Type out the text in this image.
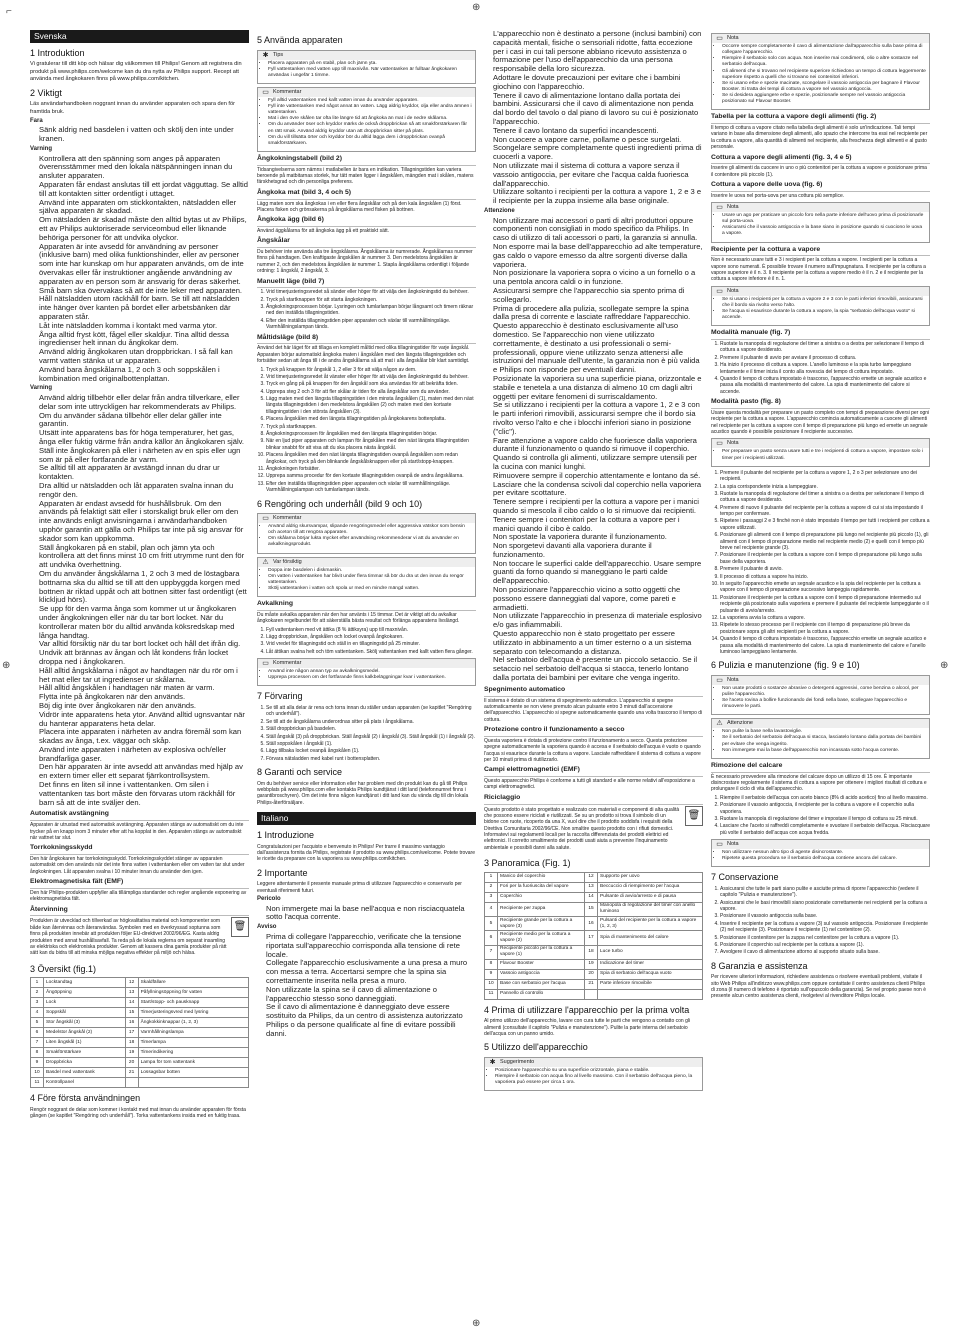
⌐	⊕
⊕
⊕	⊕
Svenska
1 Introduktion

Vi gratulerar till ditt köp och hälsar dig välkommen till Philips! Genom att registrera din produkt på www.philips.com/welcome kan du dra nytta av Philips support. Recept att använda med ångkokaren finns på www.philips.com/kitchen.

2 Viktigt

Läs användarhandboken noggrant innan du använder apparaten och spara den för framtida bruk.

Fara
• Sänk aldrig ned basdelen i vatten och skölj den inte under kranen.
Varning
• Kontrollera att den spänning som anges på apparaten överensstämmer med den lokala nätspänningen innan du ansluter apparaten.
• Apparaten får endast anslutas till ett jordat vägguttag. Se alltid till att kontakten sitter ordentligt i uttaget.
• Använd inte apparaten om stickkontakten, nätsladden eller själva apparaten är skadad.
• Om nätsladden är skadad måste den alltid bytas ut av Philips, ett av Philips auktoriserade serviceombud eller liknande behöriga personer för att undvika olyckor.
• Apparaten är inte avsedd för användning av personer (inklusive barn) med olika funktionshinder, eller av personer som inte har kunskap om hur apparaten används, om de inte övervakas eller får instruktioner angående användning av apparaten av en person som är ansvarig för deras säkerhet.
• Små barn ska övervakas så att de inte leker med apparaten.
• Håll nätsladden utom räckhåll för barn. Se till att nätsladden inte hänger över kanten på bordet eller arbetsbänken där apparaten står.
• Låt inte nätsladden komma i kontakt med varma ytor.
• Ånga alltid fryst kött, fågel eller skaldjur. Tina alltid dessa ingredienser helt innan du ångkokar dem.
• Använd aldrig ångkokaren utan droppbrickan. I så fall kan varmt vatten stänka ut ur apparaten.
• Använd bara ångskålarna 1, 2 och 3 och soppskålen i kombination med originalbottenplattan.
Varning
• Använd aldrig tillbehör eller delar från andra tillverkare, eller delar som inte uttryckligen har rekommenderats av Philips. Om du använder sådana tillbehör eller delar gäller inte garantin.
• Utsätt inte apparatens bas för höga temperaturer, het gas, ånga eller fuktig värme från andra källor än ångkokaren själv.
• Ställ inte ångkokaren på eller i närheten av en spis eller ugn som är på eller fortfarande är varm.
• Se alltid till att apparaten är avstängd innan du drar ur kontakten.
• Dra alltid ur nätsladden och låt apparaten svalna innan du rengör den.
• Apparaten är endast avsedd för hushållsbruk. Om den används på felaktigt sätt eller i storskaligt bruk eller om den inte används enligt anvisningarna i användarhandboken upphör garantin att gälla och Philips tar inte på sig ansvar för skador som kan uppkomma.
• Ställ ångkokaren på en stabil, plan och jämn yta och kontrollera att det finns minst 10 cm fritt utrymme runt den för att undvika överhettning.
• Om du använder ångskålarna 1, 2 och 3 med de löstagbara bottnarna ska du alltid se till att den uppbyggda korgen med bottnen är riktad uppåt och att bottnen sitter fast ordentligt (ett klickljud hörs).
• Se upp för den varma ånga som kommer ut ur ångkokaren under ångkokningen eller när du tar bort locket. När du kontrollerar maten bör du alltid använda köksredskap med långa handtag.
• Var alltid försiktig när du tar bort locket och håll det ifrån dig. Undvik att brännas av ångan och låt kondens från locket droppa ned i ångkokaren.
• Håll alltid ångskålarna i något av handtagen när du rör om i het mat eller tar ut ingredienser ur skålarna.
• Håll alltid ångskålen i handtagen när maten är varm.
• Flytta inte på ångkokaren när den används.
• Böj dig inte över ångkokaren när den används.
• Vidrör inte apparatens heta ytor. Använd alltid ugnsvantar när du hanterar apparatens heta delar.
• Placera inte apparaten i närheten av andra föremål som kan skadas av ånga, t.ex. väggar och skåp.
• Använd inte apparaten i närheten av explosiva och/eller brandfarliga gaser.
• Den här apparaten är inte avsedd att användas med hjälp av en extern timer eller ett separat fjärrkontrollsystem.
• Det finns en liten sil inne i vattentanken. Om silen i vattentanken tas bort måste den förvaras utom räckhåll för barn så att de inte sväljer den.
Automatisk avstängning

Apparaten är utrustad med automatisk avstängning. Apparaten stängs av automatiskt om du inte trycker på en knapp inom 3 minuter efter att ha kopplat in den. Apparaten stängs av automatiskt när vattnet tar slut.

Torrkokningsskydd

Den här ångkokaren har torrkokningsskydd. Torrkokningsskyddet stänger av apparaten automatiskt om den används när det inte finns vatten i vattentanken eller om vatten tar slut under ångkokningen. Låt apparaten svalna i 10 minuter innan du använder den igen.

Elektromagnetiska fält (EMF)

Den här Philips-produkten uppfyller alla tillämpliga standarder och regler angående exponering av elektromagnetiska fält.

Återvinning

Produkten är utvecklad och tillverkad av högkvalitativa material och komponenter som både kan återvinnas och återanvändas. Symbolen med en överkryssad soptunna som finns på produkten innebär att produkten följer EU-direktivet 2002/96/EG. Kasta aldrig produkten med annat hushållsavfall. Ta reda på de lokala reglerna om separat insamling av elektriska och elektroniska produkter. Genom att kassera dina gamla produkter på rätt sätt kan du bidra till att minska möjliga negativa effekter på miljö och hälsa.

🗑
3 Översikt (fig.1)
1	Locktandtag	12	Skaldfällare
2	Ångöppning	13	Påfyllningsöppning för vatten
3	Lock	14	Start/stopp- och pausknapp
4	Soppskål	15	Timerjusteringsvred med lysring
5	Stor ångskål (3)	16	Ångkokkinknappar (1, 2, 3)
6	Medelstor ångskål (2)	17	Varmhållningslampa
7	Liten ångskål (1)	18	Timerlampa
8	Smakförstärkare	19	Timerindikering
9	Droppbricka	20	Lampa för tom vattentank
10	Basdel med vattentank	21	Lossagsbar botten
11	Kontrollpanel		
4 Före första användningen

Rengör noggrant de delar som kommer i kontakt med mat innan du använder apparaten för första gången (se kapitlet "Rengöring och underhåll"). Torka vattentankens insida med en fuktig trasa.

5 Använda apparaten
✱ Tips
• Placera apparaten på en stabil, plan och jämn yta.
• Fyll vattentanken med vatten upp till maxnivån. När vattentanken är fulltaar ångkokaren användas i ungefär 1 timme.
▭ Kommentar
• Fyll alltid vattentanken med kallt vatten innan du använder apparaten.
• Fyll inte vattentanken med något annat än vatten. Lägg aldrig kryddor, olja eller andra ämnen i vattentanken.
• Mat i den övre skålen tar ofta lite längre tid att ångkoka än mat i de nedre skålarna.
• Om du använder öser och kryddor märks de också droppbrickan så att smakförstärkaren får en rätt smak. Använd aldrig kryddor utan att droppbrickan sitter på plats.
• Om du vill tillsätta örter och kryddor bör du alltid lägga dem i droppbrickan ovanpå smakförstärkaren.
Ångkokningstabell (bild 2)

Tidsangivelserna som nämns i matlabellen är bara en indikation. Tillagningstiden kan variera beroende på matbitarnas storlek, hur tätt maten ligger i ångskålen, mängden mat i skålen, matens färskhetsgrad och din personliga preferens.

Ångkoka mat (bild 3, 4 och 5)

Lägg maten som ska ångkokas i en eller flera ångskålar och på den kala ångskålen (1) först. Placera fisken och grönsakerna på ångskålarna med fisken på bottnen.

Ångkoka ägg (bild 6)

Använd äggkålarna för att ångkoka ägg på ett praktiskt sätt.

Ångskålar

Du behöver inte använda alla tre ångskålarna. Ångskålarna är numrerade. Ångskålarnas nummer finns på handtagen. Den kraftigaste ångskålen är nummer 3. Den medelstora ångskålen är nummer 2, och den medelstora ångskålen är nummer 1. Stapla ångskålarna ordentligt i följande ordning: 1 ångskål, 2 ångskål, 3.

Manuellt läge (bild 7)
1. Vrid timerjusteringsvredet så sänder eller höger för att välja den ångkokningstid du behöver.
2. Tryck på startknappen för att starta ångkokningen.
3. Ångkokningsprocessen börjar. Lysringen och tumlarlampan börjar långsamt och timern räknar ned den inställda tillagningstiden.
4. Efter den inställda tillagningstiden piper apparaten och växlar till varmhållningsläge. Varmhållningslampan tänds.
Måltidsläge (bild 8)

Använd det här läget för att tillaga en komplett måltid med olika tillagningstider för varje ångskål. Apparaten börjar automatiskt ångkoka maten i ångskålen med den längsta tillagningstiden och fortsätter sedan att ånga till i de andra ångskålarna så att mat i alla ångskålar blir klart samtidigt.

1. Tryck på knappen för ångskål 1, 2 eller 3 för att välja någon av dem.
2. Vrid timerjusteringsvredet åt vänster eller höger för att välja den ångkokningstid du behöver.
3. Tryck en gång på på knappen för den ångskål som ska användas för att bekräfta tiden.
4. Upprepa steg 2 och 3 för att fler skålar är tiden för alla ångskålar som du använder.
5. Lägg maten med den längsta tillagningstiden i den minsta ångskålen (1), maten med den näst längsta tillagningstiden i den medelstora ångskålen (2) och maten med den kortaste tillagningstiden i den största ångskålen (3).
6. Placera ångskålen med den längsta tillagningstiden på ångkokarens bottenplatta.
7. Tryck på startknappen.
8. Ångkokningsprocessen för ångskålen med den längsta tillagningstiden börjar.
9. När en ljud piper apparaten och lampan för ångskålen med den näst längsta tillagningstiden blinkar snabbt för att visa att du ska placera nästa ångskål.
10. Placera ångskålen med den näst längsta tillagningstiden ovanpå ångskålen som redan ångkokar, och tryck på den blinkande ångskålsknappen eller på start/stopp-knappen.
11. Ångkokningen fortsätter.
12. Upprepa samma procedur för den kortaste tillagningstiden ovanpå de andra ångskålarna.
13. Efter den inställda tillagningstiden piper apparaten och växlar till varmhållningsläge. Varmhållningslampan och tumlarlampan tänds.
6 Rengöring och underhåll (bild 9 och 10)
▭ Kommentar
• Använd aldrig skursvampar, slipande rengöringsmedel eller aggressiva vätskor som bensin och aceton till att rengöra apparaten.
• Om skålarna börjar lukta mycket efter användning rekommenderar vi att du använder en avkalkningsprodukt.
⚠ Var försiktig
• Doppa inte basdelen i diskmaskin.
• Om vatten i vattentanken har blivit under flera timmar så bör du dra ut den innan du rengör vattentanken.
• Skölj vattentanken i vatten och spola ur med en mindre mängd vatten.
Avkalkning

Du måste avkalka apparaten när den har använts i 15 timmar. Det är viktigt att du avkalkar ångkokaren regelbundet för att säkerställa bästa resultat och förlänga apparatens livslängd.

1. Fyll vattentanken med vit ättika (8 % ättiksyra) upp till maxnivån.
2. Lägg droppbrickan, ångskålen och locket ovanpå ångkokaren.
3. Vrid vredet för tillagningstid och ställ in en tillagningstid på 25 minuter.
4. Låt ättikan svalna helt och töm vattentanken. Skölj vattentanken med kallt vatten flera gånger.
▭ Kommentar
• Använd inte någon annan typ av avkalkningsmedel.
• Upprepa processen om det fortfarande finns kalkbeläggningar kvar i vattentanken.
7 Förvaring
1. Se till att alla delar är rena och torra innan du ställer undan apparaten (se kapitlet "Rengöring och underhåll").
2. Se till att de ångskålarna underordnas sitter på plats i ångskålarna.
3. Ställ droppbrickan på basdelen.
4. Ställ ångskål (3) på droppbrickan. Ställ ångskål (2) i ångskål (3). Ställ ångskål (1) i ångskål (2).
5. Ställ soppskålen i ångskål (1).
6. Lägg tillbaka locket ovanpå ångskålen (1).
7. Förvara nätsladden med kabel runt i bottensplatten.
8 Garanti och service

Om du behöver service eller information eller har problem med din produkt kan du gå till Philips webbplats på www.philips.com eller kontakta Philips kundtjänst i ditt land (telefonnumret finns i garantibroschyren). Om det inte finns någon kundtjänst i ditt land kan du vända dig till din lokala Philips-återförsäljare.

Italiano
1 Introduzione

Congratulazioni per l'acquisto e benvenuto in Philips! Per trarre il massimo vantaggio dall'assistenza fornita da Philips, registrate il prodotto su www.philips.com/welcome. Potete trovare le ricette da preparare con la vaporiera su www.philips.com/kitchen.

2 Importante

Leggere attentamente il presente manuale prima di utilizzare l'apparecchio e conservarlo per eventuali riferimenti futuri.

Pericolo
• Non immergete mai la base nell'acqua e non risciacquatela sotto l'acqua corrente.
Avviso
• Prima di collegare l'apparecchio, verificate che la tensione riportata sull'apparecchio corrisponda alla tensione di rete locale.
• Collegate l'apparecchio esclusivamente a una presa a muro con messa a terra. Accertarsi sempre che la spina sia correttamente inserita nella presa a muro.
• Non utilizzate la spina se il cavo di alimentazione o l'apparecchio stesso sono danneggiati.
• Se il cavo di alimentazione è danneggiato deve essere sostituito da Philips, da un centro di assistenza autorizzato Philips o da persone qualificate al fine di evitare possibili danni.
• L'apparecchio non è destinato a persone (inclusi bambini) con capacità mentali, fisiche o sensoriali ridotte, fatta eccezione per i casi in cui tali persone abbiano ricevuto assistenza o formazione per l'uso dell'apparecchio da una persona responsabile della loro sicurezza.
• Adottare le dovute precauzioni per evitare che i bambini giochino con l'apparecchio.
• Tenere il cavo di alimentazione lontano dalla portata dei bambini. Assicurarsi che il cavo di alimentazione non penda dal bordo del tavolo o dal piano di lavoro su cui è posizionato l'apparecchio.
• Tenere il cavo lontano da superfici incandescenti.
• Non cuocere a vapore carne, pollame o pesce surgelati. Scongelare sempre completamente questi ingredienti prima di cuocerli a vapore.
• Non utilizzate mai il sistema di cottura a vapore senza il vassoio antigoccia, per evitare che l'acqua calda fuoriesca dall'apparecchio.
• Utilizzare soltanto i recipienti per la cottura a vapore 1, 2 e 3 e il recipiente per la zuppa insieme alla base originale.
Attenzione
• Non utilizzare mai accessori o parti di altri produttori oppure componenti non consigliati in modo specifico da Philips. In caso di utilizzo di tali accessori o parti, la garanzia si annulla.
• Non esporre mai la base dell'apparecchio ad alte temperature, gas caldo o vapore emesso da altre sorgenti diverse dalla vaporiera.
• Non posizionare la vaporiera sopra o vicino a un fornello o a una pentola ancora caldi o in funzione.
• Assicurarsi sempre che l'apparecchio sia spento prima di scollegarlo.
• Prima di procedere alla pulizia, scollegate sempre la spina dalla presa di corrente e lasciate raffreddare l'apparecchio.
• Questo apparecchio è destinato esclusivamente all'uso domestico. Se l'apparecchio non viene utilizzato correttamente, è destinato a usi professionali o semi-professionali, oppure viene utilizzato senza attenersi alle istruzioni del manuale dell'utente, la garanzia non è più valida e Philips non risponde per eventuali danni.
• Posizionate la vaporiera su una superficie piana, orizzontale e stabile e tenetela a una distanza di almeno 10 cm dagli altri oggetti per evitare fenomeni di surriscaldamento.
• Se si utilizzano i recipienti per la cottura a vapore 1, 2 e 3 con le parti inferiori rimovibili, assicurarsi sempre che il bordo sia rivolto verso l'alto e che i blocchi inferiori siano in posizione ("clic").
• Fare attenzione a vapore caldo che fuoriesce dalla vaporiera durante il funzionamento o quando si rimuove il coperchio. Quando si controlla gli alimenti, utilizzare sempre utensili per la cucina con manici lunghi.
• Rimuovere sempre il coperchio attentamente e lontano da sé. Lasciare che la condensa scivoli dal coperchio nella vaporiera per evitare scottature.
• Tenere sempre i recipienti per la cottura a vapore per i manici quando si mescola il cibo caldo o lo si rimuove dai recipienti.
• Tenere sempre i contenitori per la cottura a vapore per i manici quando il cibo è caldo.
• Non spostate la vaporiera durante il funzionamento.
• Non sporgetevi davanti alla vaporiera durante il funzionamento.
• Non toccare le superfici calde dell'apparecchio. Usare sempre guanti da forno quando si maneggiano le parti calde dell'apparecchio.
• Non posizionare l'apparecchio vicino a sotto oggetti che possono essere danneggiati dal vapore, come pareti e armadietti.
• Non utilizzate l'apparecchio in presenza di materiale esplosivo e/o gas infiammabili.
• Questo apparecchio non è stato progettato per essere utilizzato in abbinamento a un timer esterno o a un sistema separato con telecomando a distanza.
• Nel serbatoio dell'acqua è presente un piccolo setaccio. Se il setaccio nel serbatoio dell'acqua si stacca, tenerlo lontano dalla portata dei bambini per evitare che venga ingerito.
Spegnimento automatico

Il sistema è dotato di un sistema di spegnimento automatico. L'apparecchio si spegne automaticamente se non viene premuto alcun pulsante entro 3 minuti dall'accensione dell'apparecchio. L'apparecchio si spegne automaticamente quando una volta trascorso il tempo di cottura.

Protezione contro il funzionamento a secco

Questa vaporiera è dotata di protezione contro il funzionamento a secco. Questa protezione spegne automaticamente la vaporiera quando è accesa e il serbatoio dell'acqua è vuoto o quando l'acqua si esaurisce durante la cottura a vapore. Lasciate raffreddare il sistema di cottura a vapore per 10 minuti prima di riutilizzarlo.

Campi elettromagnetici (EMF)

Questo apparecchio Philips è conforme a tutti gli standard e alle norme relativi all'esposizione a campi elettromagnetici.

Riciclaggio

Questo prodotto è stato progettato e realizzato con materiali e componenti di alta qualità che possono essere riciclati e riutilizzati. Se su un prodotto si trova il simbolo di un bidone con ruote, ricoperto da una X, vuol dire che il prodotto soddisfa i requisiti della Direttiva Comunitaria 2002/96/CE. Non smaltire questo prodotto con i rifiuti domestici. Informatevi sui regolamenti locali per la raccolta differenziata dei prodotti elettrici ed elettronici. Il corretto smaltimento dei prodotti usati aiuta a prevenire l'inquinamento ambientale e possibili danni alla salute.

🗑
3 Panoramica (Fig. 1)
1	Manico del coperchio	12	Supporto per uovo
2	Fori per la fuoriuscita del vapore	13	Beccuccio di riempimento per l'acqua
3	Coperchio	14	Pulsante di avvio/arresto e di pausa
4	Recipiente per zuppa	15	Manopola di regolazione del timer con anello luminoso
5	Recipiente grande per la cottura a vapore (3)	16	Pulsanti del recipiente per la cottura a vapore (1, 2, 3)
6	Recipiente medio per la cottura a vapore (2)	17	Spia di mantenimento del calore
7	Recipiente piccolo per la cottura a vapore (1)	18	Luce turbo
8	Flavour Booster	19	Indicazione del timer
9	Vassoio antigoccia	20	Spia di serbatoio dell'acqua vuoto
10	Base con serbatoio per l'acqua	21	Parte inferiore rimovibile
11	Pannello di controllo		
4 Prima di utilizzare l'apparecchio per la prima volta

Al primo utilizzo dell'apparecchio, lavare con cura tutte le parti che vengono a contatto con gli alimenti (consultate il capitolo "Pulizia e manutenzione"). Pulite la parte interna del serbatoio dell'acqua con un panno umido.

5 Utilizzo dell'apparecchio
✱ Suggerimento
• Posizionare l'apparecchio su una superficie orizzontale, piana e stabile.
• Riempire il serbatoio con acqua fino al livello massimo. Con il serbatoio dell'acqua pieno, la vaporiera può essere per circa 1 ora.
▭ Nota
• Occorre sempre completamente il cavo di alimentazione dall'apparecchio sulla base prima di collegare l'apparecchio.
• Riempire il serbatoio solo con acqua. Non inserire mai condimenti, olio o altre sostanze nel serbatoio dell'acqua.
• Gli alimenti che si trovano nel recipiente superiore richiedono un tempo di cottura leggermente superiore rispetto a quelli che si trovano nei contenitori inferiori.
• Se si usano erbe e spezie macinate, scongelare il vassoio antigoccia per bagnare il Flavour Booster. Si tratta dei tempi di cottura a vapore nel vassoio antigoccia.
• Se si desidera aggiungere erbe e spezie, posizionarle sempre nel vassoio antigoccia posizionato sul Flavour Booster.
Tabella per la cottura a vapore degli alimenti (fig. 2)

Il tempo di cottura a vapore citato nella tabella degli alimenti è solo un'indicazione. Tali tempi variano in base alla dimensione degli alimenti, allo spazio che intercorre tra essi nel recipiente per la cottura a vapore, alla quantità di alimenti nel recipiente, alla freschezza degli alimenti e al gusto personale.

Cottura a vapore degli alimenti (fig. 3, 4 e 5)

Inserire gli alimenti da cuocere in uno o più contenitori per la cottura a vapore e posizionare prima il contenitore più piccolo (1).

Cottura a vapore delle uova (fig. 6)

Inserire le uova nel porta-uova per una cottura più semplice.

▭ Nota
• Usare un ago per praticare un piccolo foro nella parte inferiore dell'uovo prima di posizionarle sul porta-uova.
• Assicurarsi che il vassoio antigoccia e la base siano in posizione quando si cuociono le uova a vapore.
Recipiente per la cottura a vapore

Non è necessario usare tutti e 3 i recipienti per la cottura a vapore. I recipienti per la cottura a vapore sono numerati. È possibile trovare il numero sull'impugnatura. Il recipiente per la cottura a vapore superiore è il n. 3. Il recipiente per la cottura a vapore medio è il n. 2 e il recipiente per la cottura a vapore inferiore è il n. 1.

▭ Nota
• Se si usano i recipienti per la cottura a vapore 2 e 3 con le parti inferiori rimovibili, assicurarsi che il bordo sia rivolto verso l'alto.
• Se l'acqua si esaurisce durante la cottura a vapore, la spia "serbatoio dell'acqua vuoto" si accende.
Modalità manuale (fig. 7)
1. Ruotate la manopola di regolazione del timer a sinistra o a destra per selezionare il tempo di cottura a vapore desiderato.
2. Premere il pulsante di avvio per avviare il processo di cottura.
3. Ha inizio il processo di cottura a vapore. L'anello luminoso e la spia turbo lampeggiano lentamente e il timer inizia il conto alla rovescia del tempo di cottura impostato.
4. Quando il tempo di cottura impostato è trascorso, l'apparecchio emette un segnale acustico e passa alla modalità di mantenimento del calore. La spia di mantenimento del calore si accende.
Modalità pasto (fig. 8)

Usare questa modalità per preparare un pasto completo con tempi di preparazione diversi per ogni recipiente per la cottura a vapore. L'apparecchio comincia automaticamente a cuocere gli alimenti nel recipiente per la cottura a vapore con il tempo di preparazione più lungo ed emette un segnale acustico quando è possibile posizionare il recipiente successivo.

▭ Nota
• Per preparare un pasto senza usare tutti e tre i recipienti di cottura a vapore, impostare solo i timer per i recipienti utilizzati.
1. Premere il pulsante del recipiente per la cottura a vapore 1, 2 o 3 per selezionare uno dei recipienti.
2. La spia corrispondente inizia a lampeggiare.
3. Ruotate la manopola di regolazione del timer a sinistra o a destra per selezionare il tempo di cottura a vapore desiderato.
4. Premere di nuovo il pulsante del recipiente per la cottura a vapore di cui si sta impostando il tempo per confermare.
5. Ripetere i passaggi 2 e 3 finché non è stato impostato il tempo per tutti i recipienti per cottura a vapore utilizzati.
6. Posizionare gli alimenti con il tempo di preparazione più lungo nel recipiente più piccolo (1), gli alimenti con il tempo di preparazione medio nel recipiente medio (2) e quelli con il tempo più breve nel recipiente grande (3).
7. Posizionare il recipiente per la cottura a vapore con il tempo di preparazione più lungo sulla base della vaporiera.
8. Premere il pulsante di avvio.
9. Il processo di cottura a vapore ha inizio.
10. In seguito l'apparecchio emette un segnale acustico e la spia del recipiente per la cottura a vapore con il tempo di preparazione successivo lampeggia rapidamente.
11. Posizionare il recipiente per la cottura a vapore con il tempo di preparazione intermedio sul recipiente già posizionato sulla vaporiera e premere il pulsante del recipiente lampeggiante o il pulsante di avvio/arresto.
12. La vaporiera avvia la cottura a vapore.
13. Ripetete lo stesso processo per il recipiente con il tempo di preparazione più breve da posizionare sopra gli altri recipienti per la cottura a vapore.
14. Quando il tempo di cottura impostato è trascorso, l'apparecchio emette un segnale acustico e passa alla modalità di mantenimento del calore. La spia di mantenimento del calore e l'anello luminoso lampeggiano lentamente.
6 Pulizia e manutenzione (fig. 9 e 10)
▭ Nota
• Non usate prodotti o sostanze abrasive o detergenti aggressivi, come benzina o alcool, per pulire l'apparecchio.
• Se l'aceto rovina a bollire funzionando dei fondi nella base, scollegare l'apparecchio e rimuovere le parti.
⚠ Attenzione
• Non pulite la base nella lavastoviglie.
• Se il serbatoio del serbatoio dell'acqua si stacca, lasciatelo lontano dalla portata dei bambini per evitare che venga ingerito.
• Non immergete mai la base dell'apparecchio non incassata sotto l'acqua corrente.
Rimozione del calcare

È necessario provvedere alla rimozione del calcare dopo un utilizzo di 15 ore. È importante disincrostare regolarmente il sistema di cottura a vapore per ottenere i migliori risultati di cottura e prolungare il ciclo di vita dell'apparecchio.

1. Riempire il serbatoio dell'acqua con aceto bianco (8% di acido acetico) fino al livello massimo.
2. Posizionare il vassoio antigoccia, il recipiente per la cottura a vapore e il coperchio sulla vaporiera.
3. Ruotare la manopola di regolazione del timer e impostare il tempo di cottura su 25 minuti.
4. Lasciare che l'aceto si raffreddi completamente e svuotare il serbatoio dell'acqua. Risciacquare più volte il serbatoio dell'acqua con acqua fredda.
▭ Nota
• Non utilizzare nessun altro tipo di agente disincrostante.
• Ripetete questa procedura se il serbatoio dell'acqua contiene ancora del calcare.
7 Conservazione
1. Assicurarsi che tutte le parti siano pulite e asciutte prima di riporre l'apparecchio (vedere il capitolo "Pulizia e manutenzione").
2. Assicurarsi che le basi rimovibili siano posizionate correttamente nei recipienti per la cottura a vapore.
3. Posizionare il vassoio antigoccia sulla base.
4. Inserire il recipiente per la cottura a vapore (3) sul vassoio antigoccia. Posizionare il recipiente (2) nel recipiente (3). Posizionare il recipiente (1) nel contenitore (2).
5. Posizionare il contenitore per la zuppa nel contenitore per la cottura a vapore (1).
6. Posizionare il coperchio sul recipiente per la cottura a vapore (1).
7. Avvolgere il cavo di alimentazione attorno al supporto situato sulla base.
8 Garanzia e assistenza

Per ricevere ulteriori informazioni, richiedere assistenza o risolvere eventuali problemi, visitate il sito Web Philips all'indirizzo www.philips.com oppure contattate il centro assistenza clienti Philips di zona (il numero di telefono è riportato sull'opuscolo della garanzia). Se nel proprio paese non è presente alcun centro assistenza clienti, rivolgetevi al rivenditore Philips locale.
